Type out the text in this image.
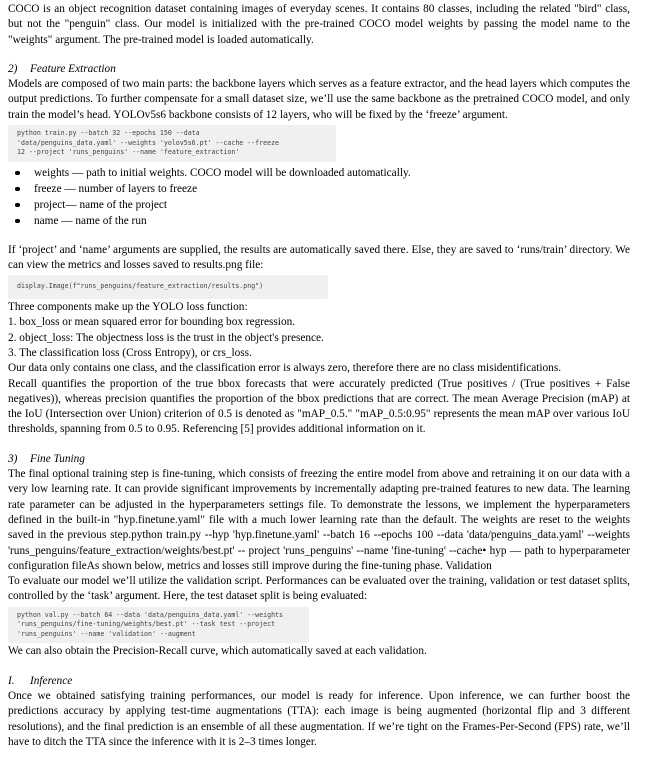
COCO is an object recognition dataset containing images of everyday scenes. It contains 80 classes, including the related "bird" class, but not the "penguin" class. Our model is initialized with the pre-trained COCO model weights by passing the model name to the "weights" argument. The pre-trained model is loaded automatically.

2) Feature Extraction

Models are composed of two main parts: the backbone layers which serves as a feature extractor, and the head layers which computes the output predictions. To further compensate for a small dataset size, we’ll use the same backbone as the pretrained COCO model, and only train the model’s head. YOLOv5s6 backbone consists of 12 layers, who will be fixed by the ‘freeze’ argument.

python train.py --batch 32 --epochs 150 --data
'data/penguins_data.yaml' --weights 'yolov5s6.pt' --cache --freeze
12 --project 'runs_penguins' --name 'feature_extraction'
weights — path to initial weights. COCO model will be downloaded automatically.
freeze — number of layers to freeze
project— name of the project
name — name of the run

If ‘project’ and ‘name’ arguments are supplied, the results are automatically saved there. Else, they are saved to ‘runs/train’ directory. We can view the metrics and losses saved to results.png file:

display.Image(f"runs_penguins/feature_extraction/results.png")

Three components make up the YOLO loss function:

1. box_loss or mean squared error for bounding box regression.

2. object_loss: The objectness loss is the trust in the object's presence.

3. The classification loss (Cross Entropy), or crs_loss.

Our data only contains one class, and the classification error is always zero, therefore there are no class misidentifications.

Recall quantifies the proportion of the true bbox forecasts that were accurately predicted (True positives / (True positives + False negatives)), whereas precision quantifies the proportion of the bbox predictions that are correct. The mean Average Precision (mAP) at the IoU (Intersection over Union) criterion of 0.5 is denoted as "mAP_0.5." "mAP_0.5:0.95" represents the mean mAP over various IoU thresholds, spanning from 0.5 to 0.95. Referencing [5] provides additional information on it.

3) Fine Tuning

The final optional training step is fine-tuning, which consists of freezing the entire model from above and retraining it on our data with a very low learning rate. It can provide significant improvements by incrementally adapting pre-trained features to new data. The learning rate parameter can be adjusted in the hyperparameters settings file. To demonstrate the lessons, we implement the hyperparameters defined in the built-in "hyp.finetune.yaml" file with a much lower learning rate than the default. The weights are reset to the weights saved in the previous step.python train.py --hyp 'hyp.finetune.yaml' --batch 16 --epochs 100 --data 'data/penguins_data.yaml' --weights 'runs_penguins/feature_extraction/weights/best.pt' -- project 'runs_penguins' --name 'fine-tuning' --cache• hyp — path to hyperparameter configuration fileAs shown below, metrics and losses still improve during the fine-tuning phase. Validation

To evaluate our model we’ll utilize the validation script. Performances can be evaluated over the training, validation or test dataset splits, controlled by the ‘task’ argument. Here, the test dataset split is being evaluated:

python val.py --batch 64 --data 'data/penguins_data.yaml' --weights
'runs_penguins/fine-tuning/weights/best.pt' --task test --project
'runs_penguins' --name 'validation' --augment

We can also obtain the Precision-Recall curve, which automatically saved at each validation.

I. Inference

Once we obtained satisfying training performances, our model is ready for inference. Upon inference, we can further boost the predictions accuracy by applying test-time augmentations (TTA): each image is being augmented (horizontal flip and 3 different resolutions), and the final prediction is an ensemble of all these augmentation. If we’re tight on the Frames-Per-Second (FPS) rate, we’ll have to ditch the TTA since the inference with it is 2–3 times longer.
